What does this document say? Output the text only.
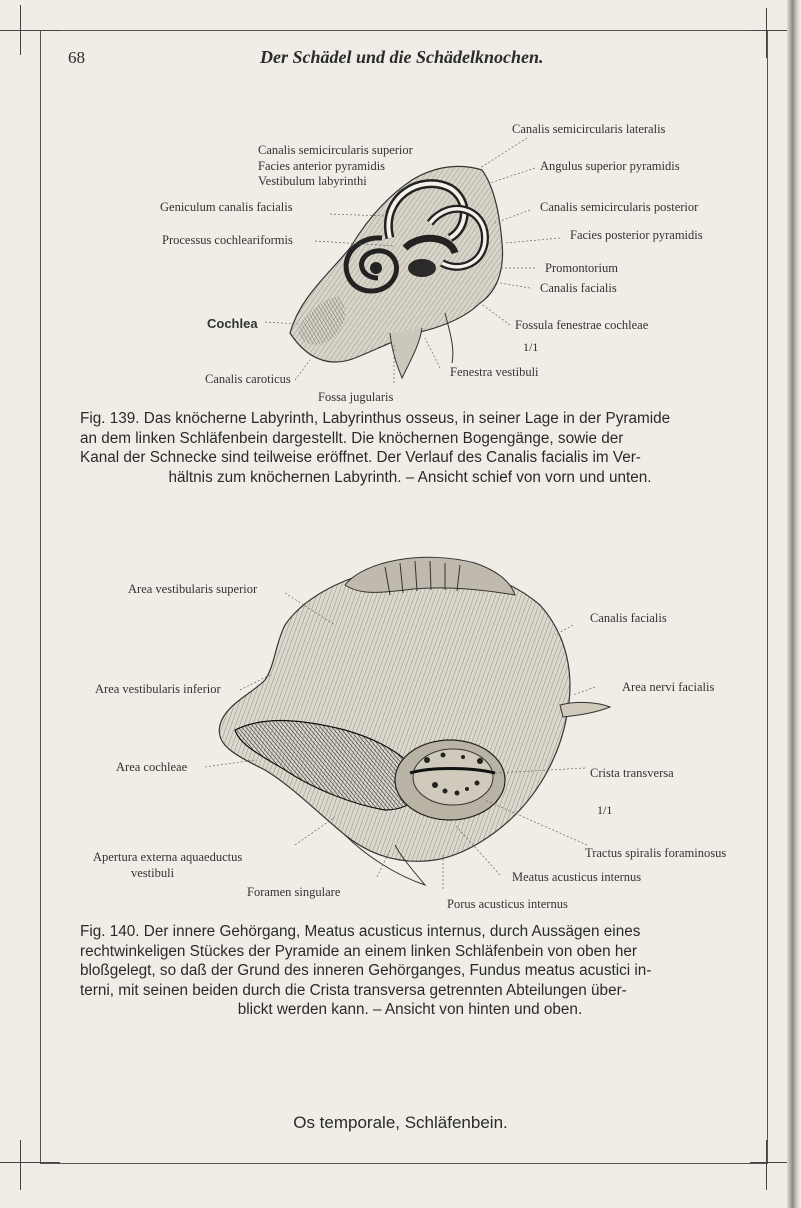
68	Der Schädel und die Schädelknochen.
Canalis semicircularis superior
Facies anterior pyramidis
Vestibulum labyrinthi
Geniculum canalis facialis
Processus cochleariformis
Cochlea
Canalis caroticus
Fossa jugularis
Canalis semicircularis lateralis
Angulus superior pyramidis
Canalis semicircularis posterior
Facies posterior pyramidis
Promontorium
Canalis facialis
Fossula fenestrae cochleae
1/1
Fenestra vestibuli
Fig. 139. Das knöcherne Labyrinth, Labyrinthus osseus, in seiner Lage in der Pyramide
an dem linken Schläfenbein dargestellt. Die knöchernen Bogengänge, sowie der
Kanal der Schnecke sind teilweise eröffnet. Der Verlauf des Canalis facialis im Ver-
hältnis zum knöchernen Labyrinth. – Ansicht schief von vorn und unten.
Area vestibularis superior
Area vestibularis inferior
Area cochleae
Apertura externa aquaeductus
vestibuli
Foramen singulare
Canalis facialis
Area nervi facialis
Crista transversa
1/1
Tractus spiralis foraminosus
Meatus acusticus internus
Porus acusticus internus
Fig. 140. Der innere Gehörgang, Meatus acusticus internus, durch Aussägen eines
rechtwinkeligen Stückes der Pyramide an einem linken Schläfenbein von oben her
bloßgelegt, so daß der Grund des inneren Gehörganges, Fundus meatus acustici in-
terni, mit seinen beiden durch die Crista transversa getrennten Abteilungen über-
blickt werden kann. – Ansicht von hinten und oben.
Os temporale, Schläfenbein.
